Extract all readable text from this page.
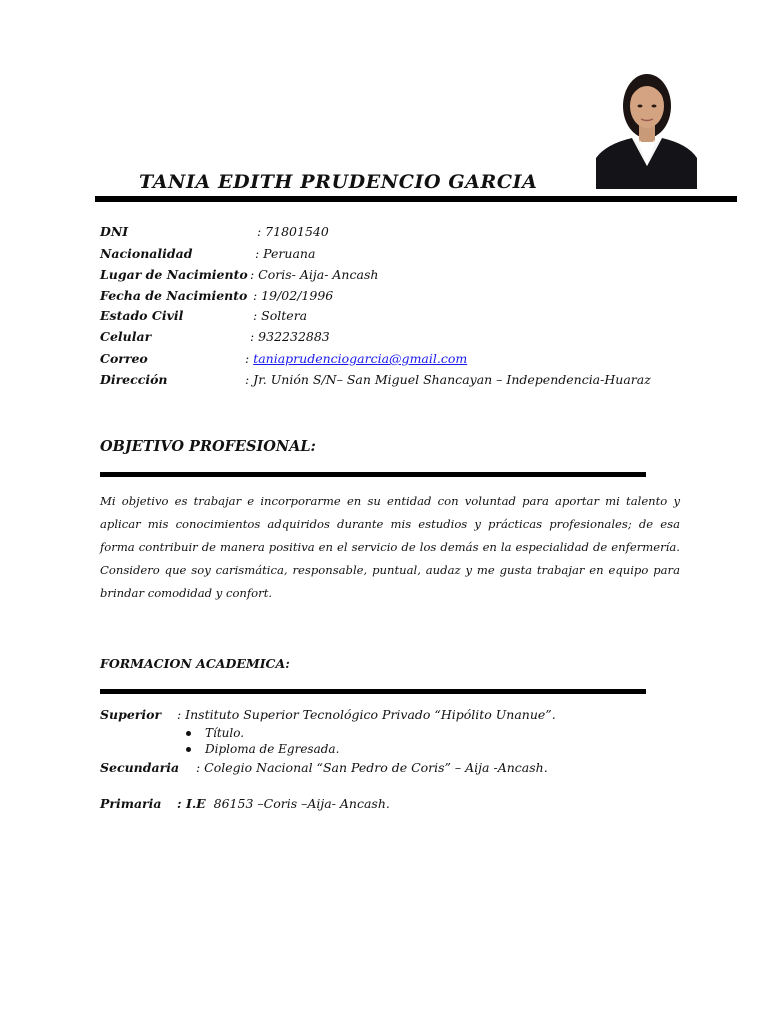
TANIA EDITH PRUDENCIO GARCIA
DNI	: 71801540
Nacionalidad	: Peruana
Lugar de Nacimiento : Coris- Aija- Ancash
Fecha de Nacimiento : 19/02/1996
Estado Civil	: Soltera
Celular	: 932232883
Correo	: taniaprudenciogarcia@gmail.com
Dirección	: Jr. Unión S/N– San Miguel Shancayan – Independencia-Huaraz
OBJETIVO PROFESIONAL:
Mi objetivo es trabajar e incorporarme en su entidad con voluntad para aportar mi talento y aplicar mis conocimientos adquiridos durante mis estudios y prácticas profesionales; de esa forma contribuir de manera positiva en el servicio de los demás en la especialidad de enfermería. Considero que soy carismática, responsable, puntual, audaz y me gusta trabajar en equipo para brindar comodidad y confort.
FORMACION ACADEMICA:
Superior : Instituto Superior Tecnológico Privado “Hipólito Unanue”.
Título.
Diploma de Egresada.
Secundaria : Colegio Nacional “San Pedro de Coris” – Aija -Ancash.
Primaria : I.E 86153 –Coris –Aija- Ancash.
